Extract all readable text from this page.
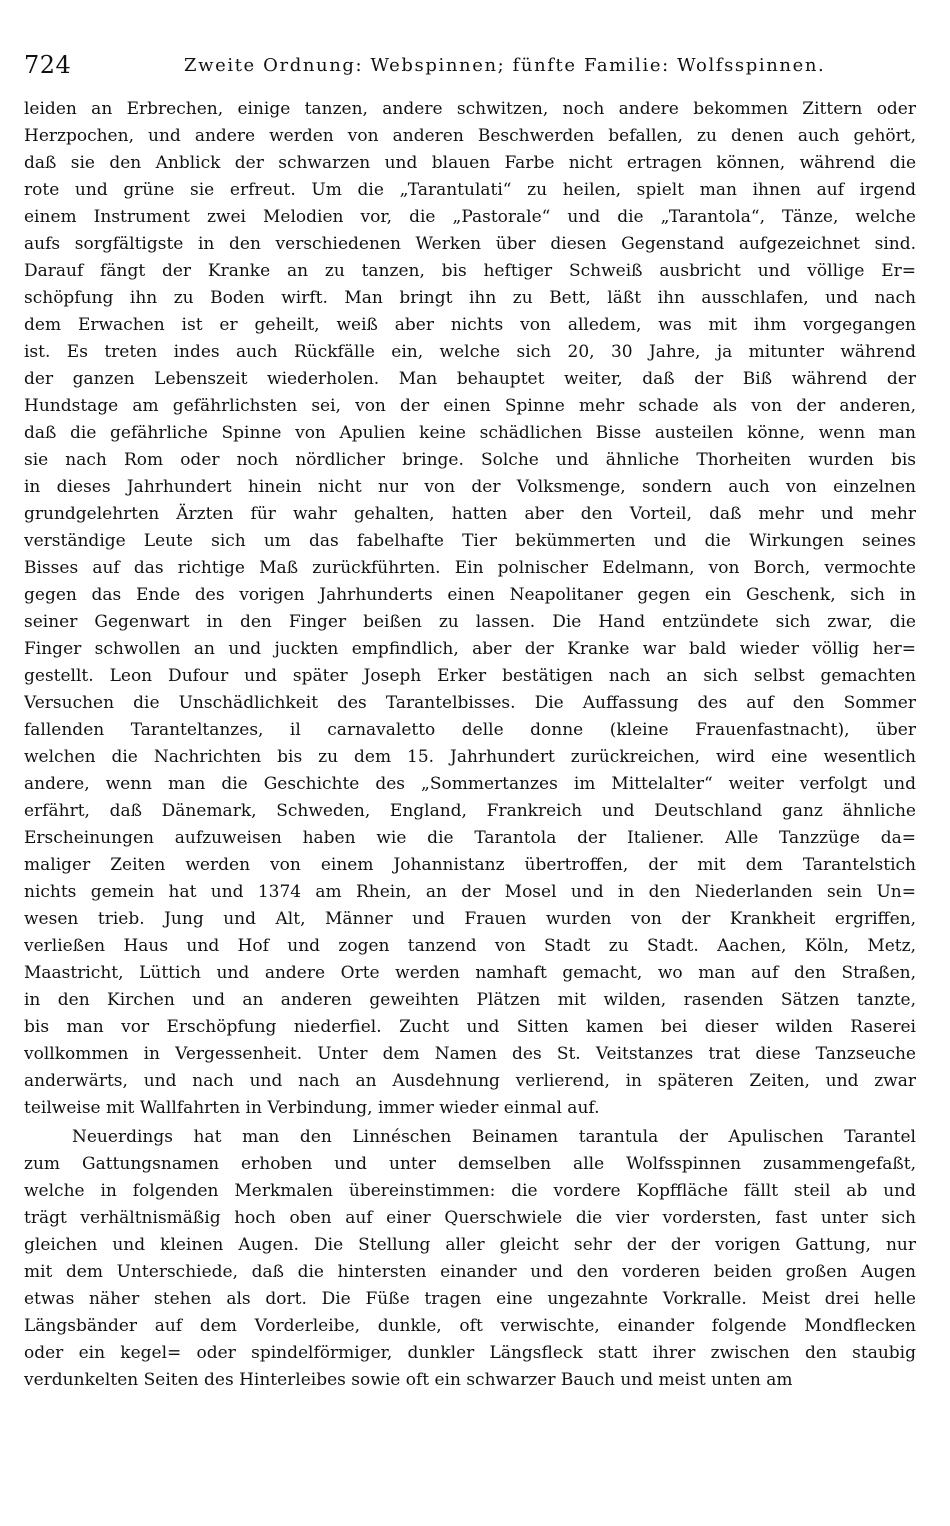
724	Zweite Ordnung: Webspinnen; fünfte Familie: Wolfsspinnen.
leiden an Erbrechen, einige tanzen, andere schwitzen, noch andere bekommen Zittern oder
Herzpochen, und andere werden von anderen Beschwerden befallen, zu denen auch gehört,
daß sie den Anblick der schwarzen und blauen Farbe nicht ertragen können, während die
rote und grüne sie erfreut. Um die „Tarantulati“ zu heilen, spielt man ihnen auf irgend
einem Instrument zwei Melodien vor, die „Pastorale“ und die „Tarantola“, Tänze, welche
aufs sorgfältigste in den verschiedenen Werken über diesen Gegenstand aufgezeichnet sind.
Darauf fängt der Kranke an zu tanzen, bis heftiger Schweiß ausbricht und völlige Er=
schöpfung ihn zu Boden wirft. Man bringt ihn zu Bett, läßt ihn ausschlafen, und nach
dem Erwachen ist er geheilt, weiß aber nichts von alledem, was mit ihm vorgegangen
ist. Es treten indes auch Rückfälle ein, welche sich 20, 30 Jahre, ja mitunter während
der ganzen Lebenszeit wiederholen. Man behauptet weiter, daß der Biß während der
Hundstage am gefährlichsten sei, von der einen Spinne mehr schade als von der anderen,
daß die gefährliche Spinne von Apulien keine schädlichen Bisse austeilen könne, wenn man
sie nach Rom oder noch nördlicher bringe. Solche und ähnliche Thorheiten wurden bis
in dieses Jahrhundert hinein nicht nur von der Volksmenge, sondern auch von einzelnen
grundgelehrten Ärzten für wahr gehalten, hatten aber den Vorteil, daß mehr und mehr
verständige Leute sich um das fabelhafte Tier bekümmerten und die Wirkungen seines
Bisses auf das richtige Maß zurückführten. Ein polnischer Edelmann, von Borch, vermochte
gegen das Ende des vorigen Jahrhunderts einen Neapolitaner gegen ein Geschenk, sich in
seiner Gegenwart in den Finger beißen zu lassen. Die Hand entzündete sich zwar, die
Finger schwollen an und juckten empfindlich, aber der Kranke war bald wieder völlig her=
gestellt. Leon Dufour und später Joseph Erker bestätigen nach an sich selbst gemachten
Versuchen die Unschädlichkeit des Tarantelbisses. Die Auffassung des auf den Sommer
fallenden Taranteltanzes, il carnavaletto delle donne (kleine Frauenfastnacht), über
welchen die Nachrichten bis zu dem 15. Jahrhundert zurückreichen, wird eine wesentlich
andere, wenn man die Geschichte des „Sommertanzes im Mittelalter“ weiter verfolgt und
erfährt, daß Dänemark, Schweden, England, Frankreich und Deutschland ganz ähnliche
Erscheinungen aufzuweisen haben wie die Tarantola der Italiener. Alle Tanzzüge da=
maliger Zeiten werden von einem Johannistanz übertroffen, der mit dem Tarantelstich
nichts gemein hat und 1374 am Rhein, an der Mosel und in den Niederlanden sein Un=
wesen trieb. Jung und Alt, Männer und Frauen wurden von der Krankheit ergriffen,
verließen Haus und Hof und zogen tanzend von Stadt zu Stadt. Aachen, Köln, Metz,
Maastricht, Lüttich und andere Orte werden namhaft gemacht, wo man auf den Straßen,
in den Kirchen und an anderen geweihten Plätzen mit wilden, rasenden Sätzen tanzte,
bis man vor Erschöpfung niederfiel. Zucht und Sitten kamen bei dieser wilden Raserei
vollkommen in Vergessenheit. Unter dem Namen des St. Veitstanzes trat diese Tanzseuche
anderwärts, und nach und nach an Ausdehnung verlierend, in späteren Zeiten, und zwar
teilweise mit Wallfahrten in Verbindung, immer wieder einmal auf.
Neuerdings hat man den Linnéschen Beinamen tarantula der Apulischen Tarantel
zum Gattungsnamen erhoben und unter demselben alle Wolfsspinnen zusammengefaßt,
welche in folgenden Merkmalen übereinstimmen: die vordere Kopffläche fällt steil ab und
trägt verhältnismäßig hoch oben auf einer Querschwiele die vier vordersten, fast unter sich
gleichen und kleinen Augen. Die Stellung aller gleicht sehr der der vorigen Gattung, nur
mit dem Unterschiede, daß die hintersten einander und den vorderen beiden großen Augen
etwas näher stehen als dort. Die Füße tragen eine ungezahnte Vorkralle. Meist drei helle
Längsbänder auf dem Vorderleibe, dunkle, oft verwischte, einander folgende Mondflecken
oder ein kegel= oder spindelförmiger, dunkler Längsfleck statt ihrer zwischen den staubig
verdunkelten Seiten des Hinterleibes sowie oft ein schwarzer Bauch und meist unten am
